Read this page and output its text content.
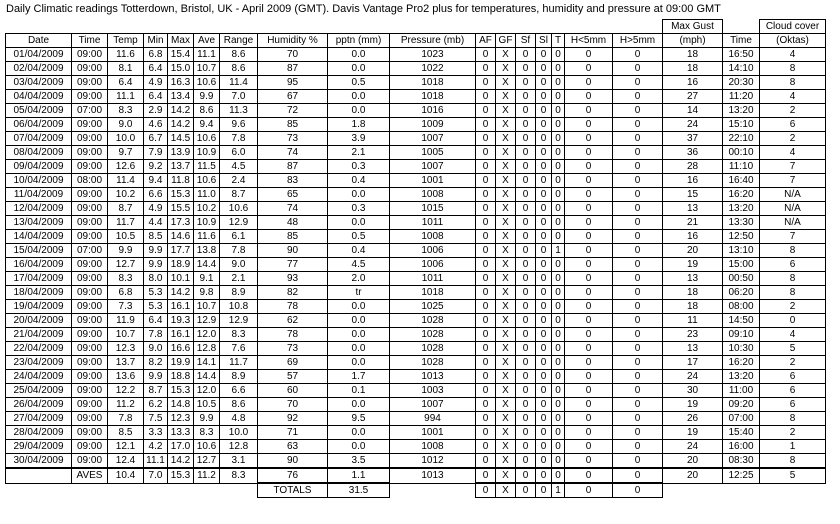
Daily Climatic readings Totterdown, Bristol, UK - April 2009 (GMT). Davis Vantage Pro2 plus for temperatures, humidity and pressure at 09:00 GMT
																	Max Gust		Cloud cover
Date	Time	Temp	Min	Max	Ave	Range	Humidity %	pptn (mm)	Pressure (mb)	AF	GF	Sf	Sl	T	H<5mm	H>5mm	(mph)	Time	(Oktas)
01/04/2009	09:00	11.6	6.8	15.4	11.1	8.6	70	0.0	1023	0	X	0	0	0	0	0	18	16:50	4
02/04/2009	09:00	8.1	6.4	15.0	10.7	8.6	87	0.0	1022	0	X	0	0	0	0	0	18	14:10	8
03/04/2009	09:00	6.4	4.9	16.3	10.6	11.4	95	0.5	1018	0	X	0	0	0	0	0	16	20:30	8
04/04/2009	09:00	11.1	6.4	13.4	9.9	7.0	67	0.0	1018	0	X	0	0	0	0	0	27	11:20	4
05/04/2009	07:00	8.3	2.9	14.2	8.6	11.3	72	0.0	1016	0	X	0	0	0	0	0	14	13:20	2
06/04/2009	09:00	9.0	4.6	14.2	9.4	9.6	85	1.8	1009	0	X	0	0	0	0	0	24	15:10	6
07/04/2009	09:00	10.0	6.7	14.5	10.6	7.8	73	3.9	1007	0	X	0	0	0	0	0	37	22:10	2
08/04/2009	09:00	9.7	7.9	13.9	10.9	6.0	74	2.1	1005	0	X	0	0	0	0	0	36	00:10	4
09/04/2009	09:00	12.6	9.2	13.7	11.5	4.5	87	0.3	1007	0	X	0	0	0	0	0	28	11:10	7
10/04/2009	08:00	11.4	9.4	11.8	10.6	2.4	83	0.4	1001	0	X	0	0	0	0	0	16	16:40	7
11/04/2009	09:00	10.2	6.6	15.3	11.0	8.7	65	0.0	1008	0	X	0	0	0	0	0	15	16:20	N/A
12/04/2009	09:00	8.7	4.9	15.5	10.2	10.6	74	0.3	1015	0	X	0	0	0	0	0	13	13:20	N/A
13/04/2009	09:00	11.7	4.4	17.3	10.9	12.9	48	0.0	1011	0	X	0	0	0	0	0	21	13:30	N/A
14/04/2009	09:00	10.5	8.5	14.6	11.6	6.1	85	0.5	1008	0	X	0	0	0	0	0	16	12:50	7
15/04/2009	07:00	9.9	9.9	17.7	13.8	7.8	90	0.4	1006	0	X	0	0	1	0	0	20	13:10	8
16/04/2009	09:00	12.7	9.9	18.9	14.4	9.0	77	4.5	1006	0	X	0	0	0	0	0	19	15:00	6
17/04/2009	09:00	8.3	8.0	10.1	9.1	2.1	93	2.0	1011	0	X	0	0	0	0	0	13	00:50	8
18/04/2009	09:00	6.8	5.3	14.2	9.8	8.9	82	tr	1018	0	X	0	0	0	0	0	18	06:20	8
19/04/2009	09:00	7.3	5.3	16.1	10.7	10.8	78	0.0	1025	0	X	0	0	0	0	0	18	08:00	2
20/04/2009	09:00	11.9	6.4	19.3	12.9	12.9	62	0.0	1028	0	X	0	0	0	0	0	11	14:50	0
21/04/2009	09:00	10.7	7.8	16.1	12.0	8.3	78	0.0	1028	0	X	0	0	0	0	0	23	09:10	4
22/04/2009	09:00	12.3	9.0	16.6	12.8	7.6	73	0.0	1028	0	X	0	0	0	0	0	13	10:30	5
23/04/2009	09:00	13.7	8.2	19.9	14.1	11.7	69	0.0	1028	0	X	0	0	0	0	0	17	16:20	2
24/04/2009	09:00	13.6	9.9	18.8	14.4	8.9	57	1.7	1013	0	X	0	0	0	0	0	24	13:20	6
25/04/2009	09:00	12.2	8.7	15.3	12.0	6.6	60	0.1	1003	0	X	0	0	0	0	0	30	11:00	6
26/04/2009	09:00	11.2	6.2	14.8	10.5	8.6	70	0.0	1007	0	X	0	0	0	0	0	19	09:20	6
27/04/2009	09:00	7.8	7.5	12.3	9.9	4.8	92	9.5	994	0	X	0	0	0	0	0	26	07:00	8
28/04/2009	09:00	8.5	3.3	13.3	8.3	10.0	71	0.0	1001	0	X	0	0	0	0	0	19	15:40	2
29/04/2009	09:00	12.1	4.2	17.0	10.6	12.8	63	0.0	1008	0	X	0	0	0	0	0	24	16:00	1
30/04/2009	09:00	12.4	11.1	14.2	12.7	3.1	90	3.5	1012	0	X	0	0	0	0	0	20	08:30	8
	AVES	10.4	7.0	15.3	11.2	8.3	76	1.1	1013	0	X	0	0	0	0	0	20	12:25	5
							TOTALS	31.5		0	X	0	0	1	0	0			
